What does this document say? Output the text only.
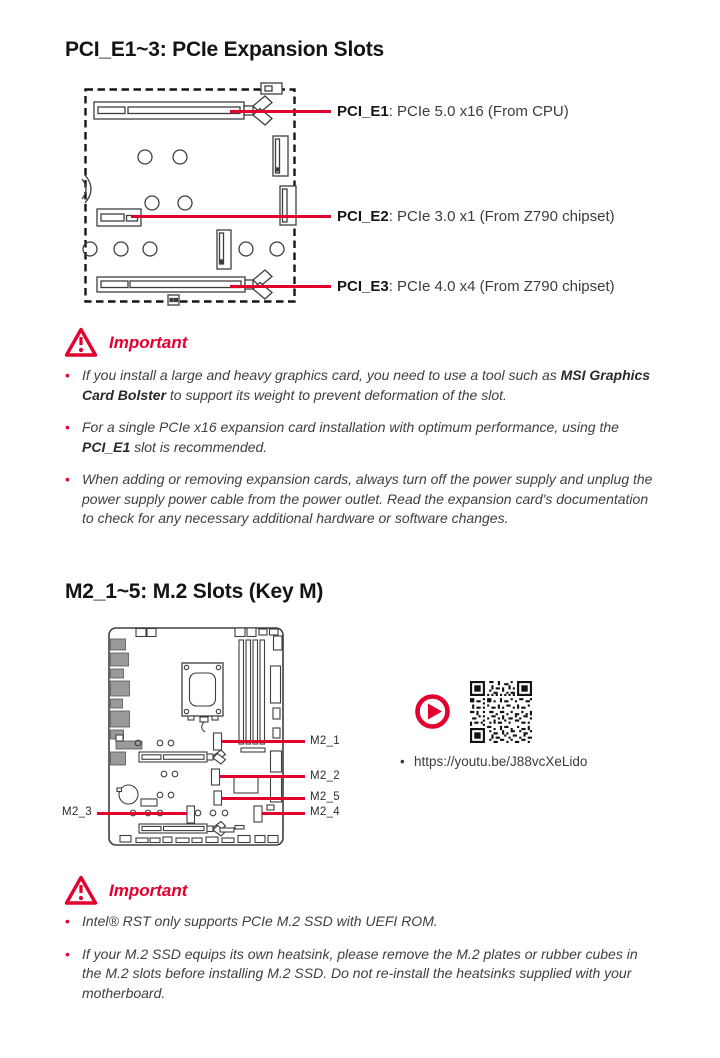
PCI_E1~3: PCIe Expansion Slots
PCI_E1: PCIe 5.0 x16 (From CPU)
PCI_E2: PCIe 3.0 x1 (From Z790 chipset)
PCI_E3: PCIe 4.0 x4 (From Z790 chipset)
Important
• If you install a large and heavy graphics card, you need to use a tool such as MSI Graphics Card Bolster to support its weight to prevent deformation of the slot.
• For a single PCIe x16 expansion card installation with optimum performance, using the PCI_E1 slot is recommended.
• When adding or removing expansion cards, always turn off the power supply and unplug the power supply power cable from the power outlet. Read the expansion card's documentation to check for any necessary additional hardware or software changes.
M2_1~5: M.2 Slots (Key M)
M2_1
M2_2
M2_5
M2_4
M2_3
• https://youtu.be/J88vcXeLido
Important
• Intel® RST only supports PCIe M.2 SSD with UEFI ROM.
• If your M.2 SSD equips its own heatsink, please remove the M.2 plates or rubber cubes in the M.2 slots before installing M.2 SSD. Do not re-install the heatsinks supplied with your motherboard.
